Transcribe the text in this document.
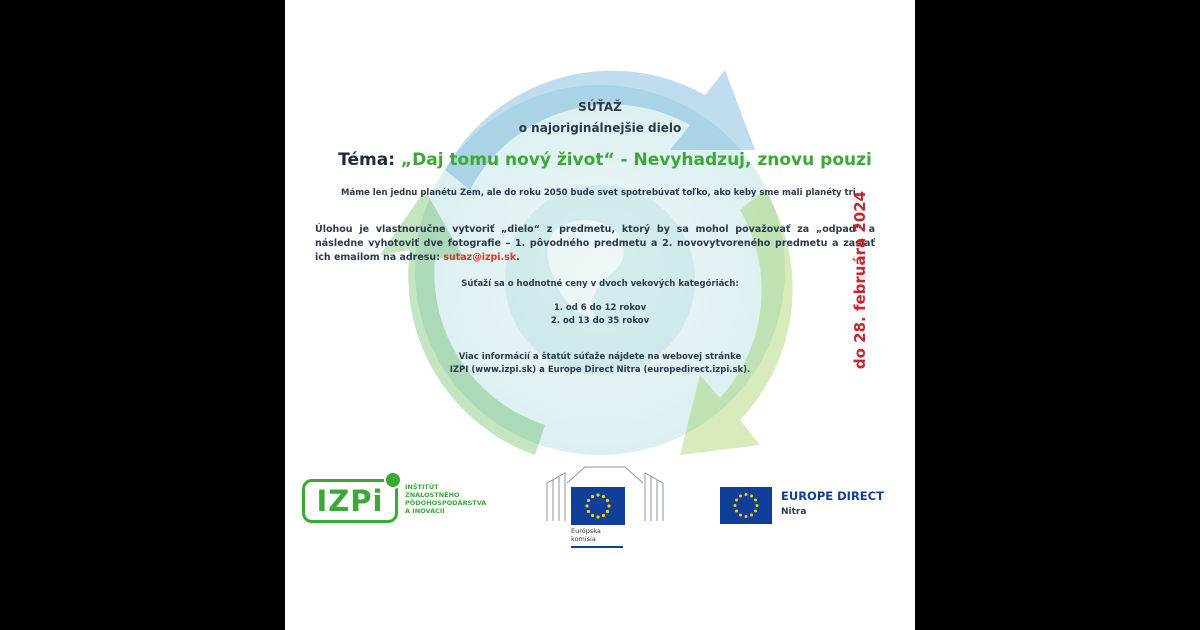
SÚŤAŽ
o najoriginálnejšie dielo
Téma: „Daj tomu nový život“ - Nevyhadzuj, znovu pouzi
Máme len jednu planétu Zem, ale do roku 2050 bude svet spotrebúvať toľko, ako keby sme mali planéty tri.
Úlohou je vlastnoručne vytvoriť „dielo“ z predmetu, ktorý by sa mohol považovať za „odpad“ a následne vyhotoviť dve fotografie – 1. pôvodného predmetu a 2. novovytvoreného predmetu a zaslať ich emailom na adresu: sutaz@izpi.sk.
Súťaží sa o hodnotné ceny v dvoch vekových kategóriách:
1. od 6 do 12 rokov
2. od 13 do 35 rokov
Viac informácií a štatút súťaže nájdete na webovej stránke
IZPI (www.izpi.sk) a Europe Direct Nitra (europedirect.izpi.sk).
do 28. februára 2024
IZPi	INŠTITÚT
ZNALOSTNÉHO
PÔDOHOSPODÁRSTVA
A INOVÁCIÍ
Európska
komisia
EUROPE DIRECT
Nitra
